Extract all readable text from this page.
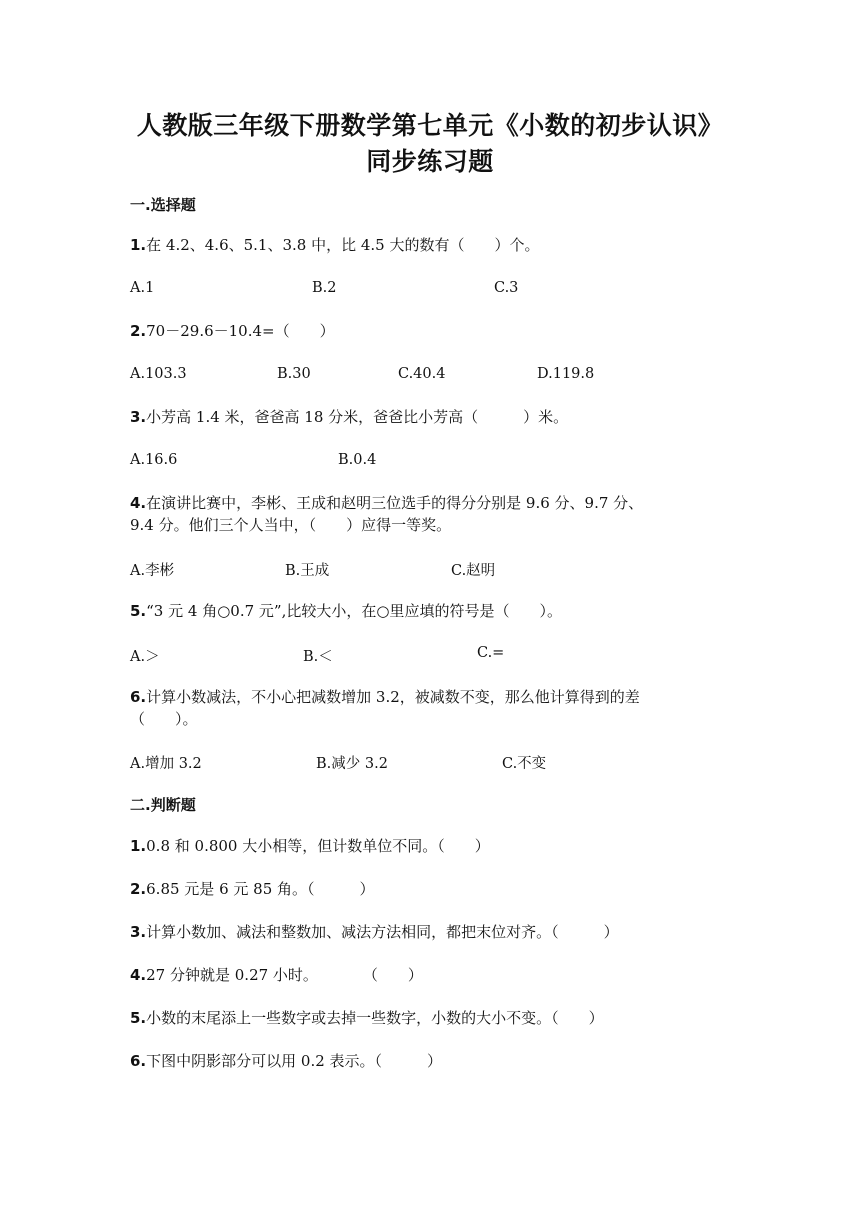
人教版三年级下册数学第七单元《小数的初步认识》
同步练习题
一.选择题
1.在 4.2、4.6、5.1、3.8 中，比 4.5 大的数有（　　）个。
A.1	B.2	C.3
2.70－29.6－10.4=（　　）
A.103.3	B.30	C.40.4	D.119.8
3.小芳高 1.4 米，爸爸高 18 分米，爸爸比小芳高（　　　）米。
A.16.6	B.0.4
4.在演讲比赛中，李彬、王成和赵明三位选手的得分分别是 9.6 分、9.7 分、
9.4 分。他们三个人当中，（　　）应得一等奖。
A.李彬	B.王成	C.赵明
5.“3 元 4 角○0.7 元”,比较大小，在○里应填的符号是（　　）。
A.＞	B.＜	C.=
6.计算小数减法，不小心把减数增加 3.2，被减数不变，那么他计算得到的差
（　　）。
A.增加 3.2	B.减少 3.2	C.不变
二.判断题
1.0.8 和 0.800 大小相等，但计数单位不同。（　　）
2.6.85 元是 6 元 85 角。（　　　）
3.计算小数加、减法和整数加、减法方法相同，都把末位对齐。（　　　）
4.27 分钟就是 0.27 小时。　　　　（　　）
5.小数的末尾添上一些数字或去掉一些数字，小数的大小不变。（　　）
6.下图中阴影部分可以用 0.2 表示。（　　　）
